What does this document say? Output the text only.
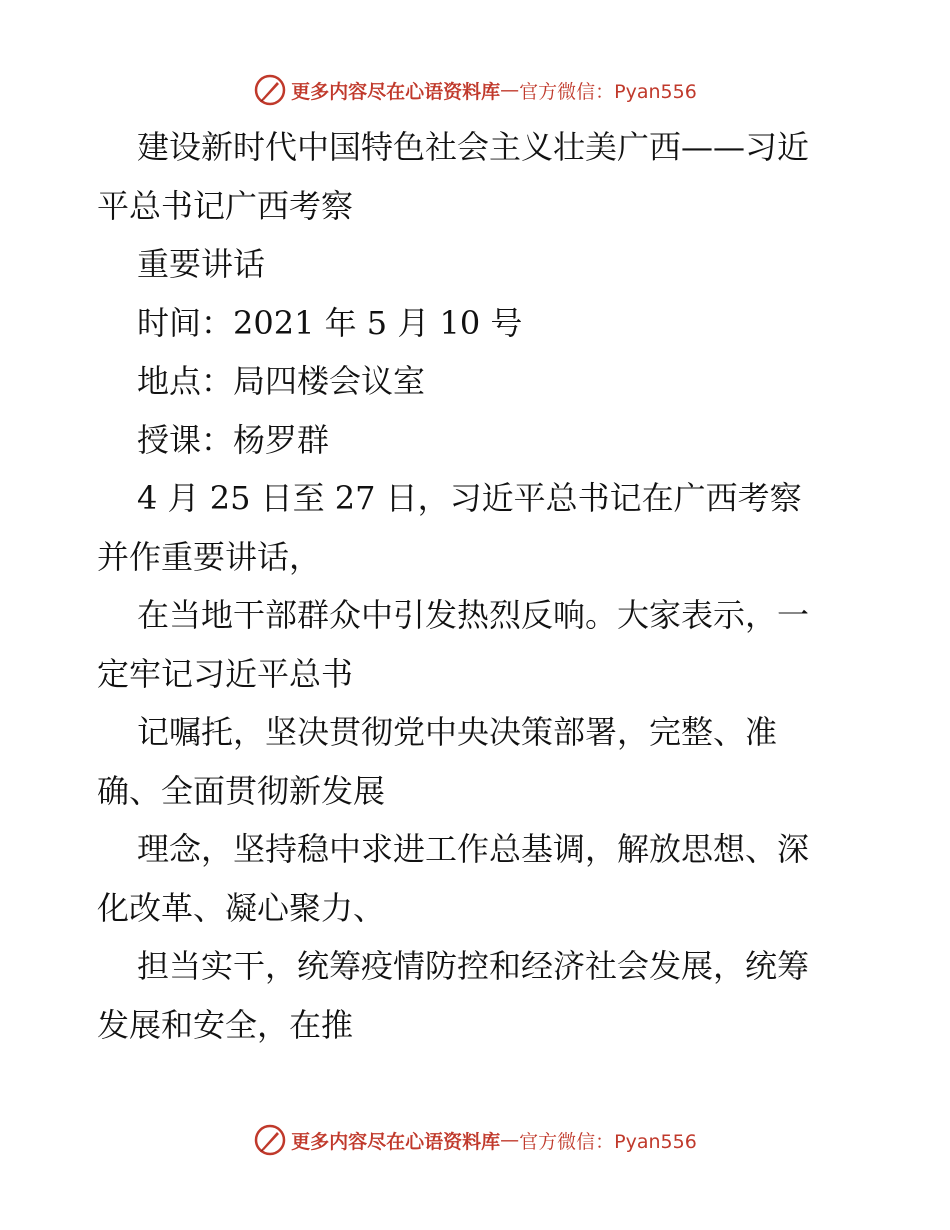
更多内容尽在心语资料库 — 官方微信：Pyan556

建设新时代中国特色社会主义壮美广西——习近

平总书记广西考察

重要讲话

时间：2021 年 5 月 10 号

地点：局四楼会议室

授课：杨罗群

4 月 25 日至 27 日，习近平总书记在广西考察

并作重要讲话，

在当地干部群众中引发热烈反响。大家表示，一

定牢记习近平总书

记嘱托，坚决贯彻党中央决策部署，完整、准

确、全面贯彻新发展

理念，坚持稳中求进工作总基调，解放思想、深

化改革、凝心聚力、

担当实干，统筹疫情防控和经济社会发展，统筹

发展和安全，在推

更多内容尽在心语资料库 — 官方微信：Pyan556
